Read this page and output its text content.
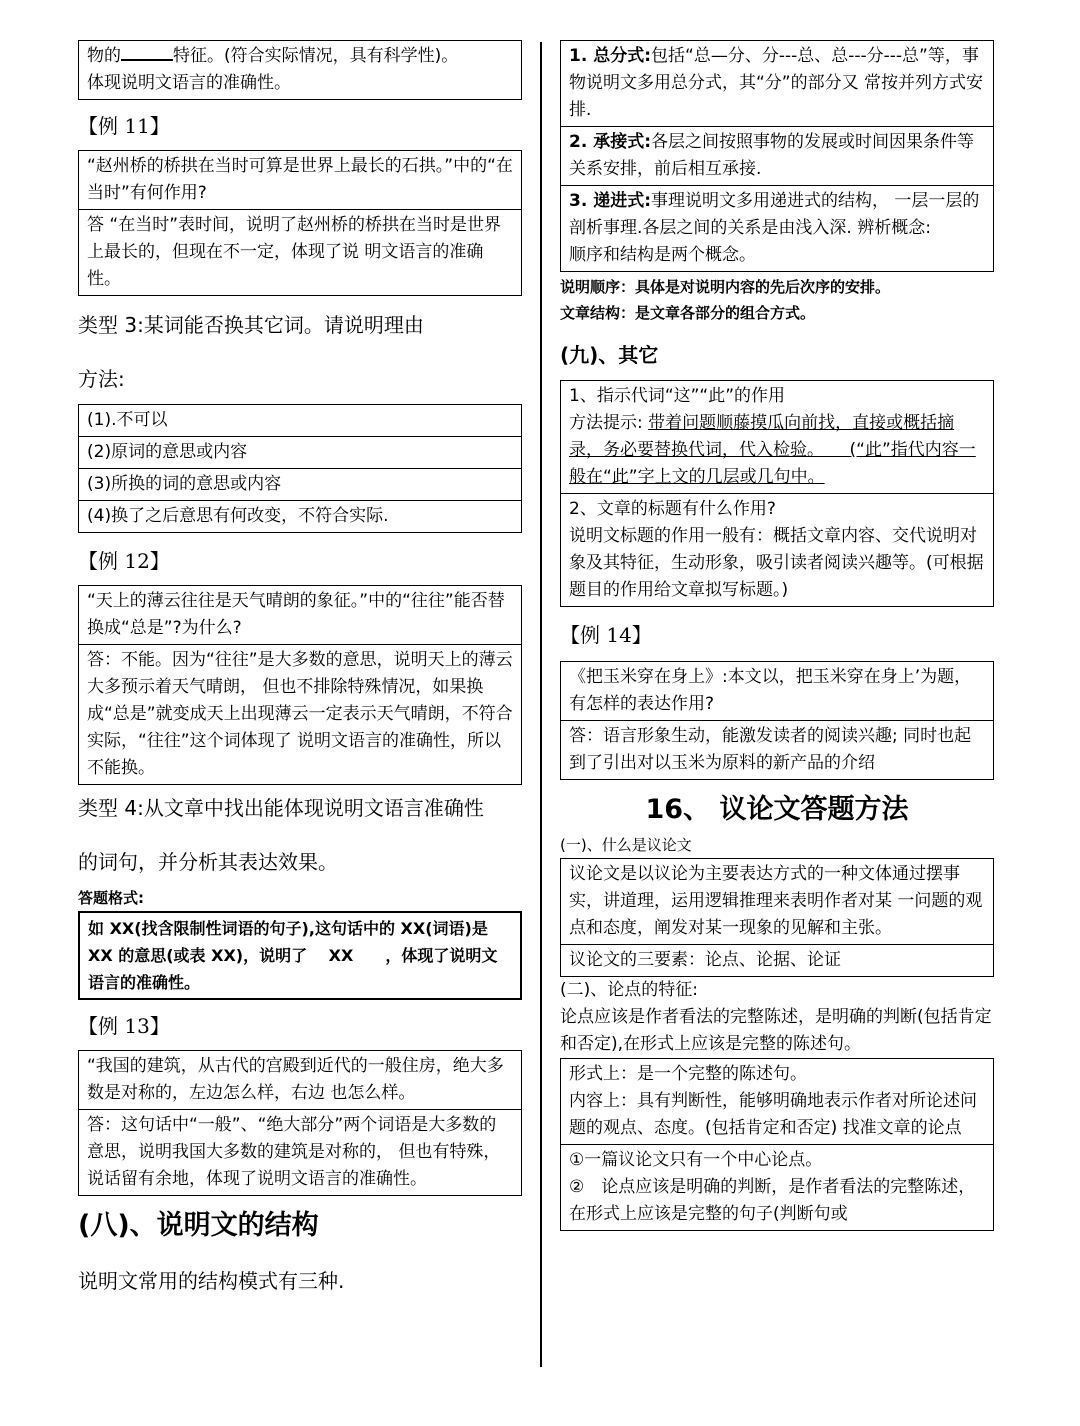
物的	特征。(符合实际情况，具有科学性)。
体现说明文语言的准确性。
【例 11】
“赵州桥的桥拱在当时可算是世界上最长的石拱。”中的“在当时”有何作用?
答 “在当时”表时间，说明了赵州桥的桥拱在当时是世界上最长的，但现在不一定，体现了说 明文语言的准确性。
类型 3:某词能否换其它词。请说明理由
方法:
(1).不可以
(2)原词的意思或内容
(3)所换的词的意思或内容
(4)换了之后意思有何改变，不符合实际.
【例 12】
“天上的薄云往往是天气晴朗的象征。”中的“往往”能否替换成“总是”?为什么?
答：不能。因为“往往”是大多数的意思，说明天上的薄云大多预示着天气晴朗， 但也不排除特殊情况，如果换成“总是”就变成天上出现薄云一定表示天气晴朗，不符合实际，“往往”这个词体现了 说明文语言的准确性，所以不能换。
类型 4:从文章中找出能体现说明文语言准确性
的词句，并分析其表达效果。
答题格式:
如 XX(找含限制性词语的句子),这句话中的 XX(词语)是 XX 的意思(或表 XX)，说明了　 XX　　，体现了说明文语言的准确性。
【例 13】
“我国的建筑，从古代的宫殿到近代的一般住房，绝大多数是对称的，左边怎么样，右边 也怎么样。
答：这句话中“一般”、“绝大部分”两个词语是大多数的意思，说明我国大多数的建筑是对称的， 但也有特殊，说话留有余地，体现了说明文语言的准确性。
(八)、说明文的结构
说明文常用的结构模式有三种.
1. 总分式:包括“总—分、分---总、总---分---总”等，事物说明文多用总分式，其“分”的部分又 常按并列方式安排.
2. 承接式:各层之间按照事物的发展或时间因果条件等关系安排，前后相互承接.
3. 递进式:事理说明文多用递进式的结构， 一层一层的剖析事理.各层之间的关系是由浅入深. 辨析概念:
顺序和结构是两个概念。
说明顺序：具体是对说明内容的先后次序的安排。
文章结构：是文章各部分的组合方式。
(九)、其它
1、指示代词“这”“此”的作用
方法提示: 带着问题顺藤摸瓜向前找，直接或概括摘录，务必要替换代词，代入检验。　　(“此”指代内容一般在“此”字上文的几层或几句中。
2、文章的标题有什么作用?
说明文标题的作用一般有：概括文章内容、交代说明对象及其特征，生动形象，吸引读者阅读兴趣等。(可根据题目的作用给文章拟写标题。)
【例 14】
《把玉米穿在身上》:本文以，把玉米穿在身上’为题，有怎样的表达作用?
答：语言形象生动，能激发读者的阅读兴趣; 同时也起到了引出对以玉米为原料的新产品的介绍
16、 议论文答题方法
(一)、什么是议论文
议论文是以议论为主要表达方式的一种文体通过摆事实，讲道理，运用逻辑推理来表明作者对某 一问题的观点和态度，阐发对某一现象的见解和主张。
议论文的三要素：论点、论据、论证
(二)、论点的特征:
论点应该是作者看法的完整陈述，是明确的判断(包括肯定和否定),在形式上应该是完整的陈述句。
形式上：是一个完整的陈述句。
内容上：具有判断性，能够明确地表示作者对所论述问题的观点、态度。(包括肯定和否定) 找准文章的论点
①一篇议论文只有一个中心论点。
②　论点应该是明确的判断，是作者看法的完整陈述，在形式上应该是完整的句子(判断句或
